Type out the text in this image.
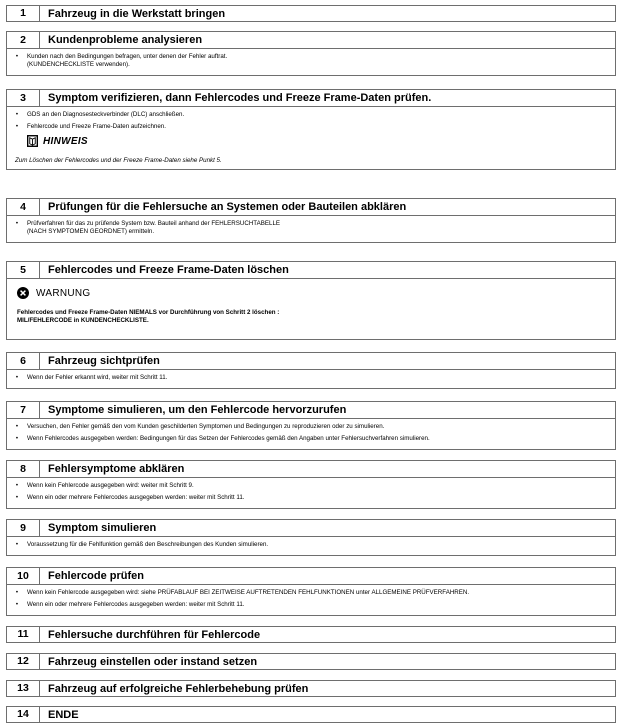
1	Fahrzeug in die Werkstatt bringen
2	Kundenprobleme analysieren
•	Kunden nach den Bedingungen befragen, unter denen der Fehler auftrat.
(KUNDENCHECKLISTE verwenden).
3	Symptom verifizieren, dann Fehlercodes und Freeze Frame-Daten prüfen.
•	GDS an den Diagnosesteckverbinder (DLC) anschließen.
•	Fehlercode und Freeze Frame-Daten aufzeichnen.
HINWEIS
Zum Löschen der Fehlercodes und der Freeze Frame-Daten siehe Punkt 5.
4	Prüfungen für die Fehlersuche an Systemen oder Bauteilen abklären
•	Prüfverfahren für das zu prüfende System bzw. Bauteil anhand der FEHLERSUCHTABELLE
(NACH SYMPTOMEN GEORDNET) ermitteln.
5	Fehlercodes und Freeze Frame-Daten löschen
WARNUNG
Fehlercodes und Freeze Frame-Daten NIEMALS vor Durchführung von Schritt 2 löschen :
MIL/FEHLERCODE in KUNDENCHECKLISTE.
6	Fahrzeug sichtprüfen
•	Wenn der Fehler erkannt wird, weiter mit Schritt 11.
7	Symptome simulieren, um den Fehlercode hervorzurufen
•	Versuchen, den Fehler gemäß den vom Kunden geschilderten Symptomen und Bedingungen zu reproduzieren oder zu simulieren.
•	Wenn Fehlercodes ausgegeben werden: Bedingungen für das Setzen der Fehlercodes gemäß den Angaben unter Fehlersuchverfahren simulieren.
8	Fehlersymptome abklären
•	Wenn kein Fehlercode ausgegeben wird: weiter mit Schritt 9.
•	Wenn ein oder mehrere Fehlercodes ausgegeben werden: weiter mit Schritt 11.
9	Symptom simulieren
•	Voraussetzung für die Fehlfunktion gemäß den Beschreibungen des Kunden simulieren.
10	Fehlercode prüfen
•	Wenn kein Fehlercode ausgegeben wird: siehe PRÜFABLAUF BEI ZEITWEISE AUFTRETENDEN FEHLFUNKTIONEN unter ALLGEMEINE PRÜFVERFAHREN.
•	Wenn ein oder mehrere Fehlercodes ausgegeben werden: weiter mit Schritt 11.
11	Fehlersuche durchführen für Fehlercode
12	Fahrzeug einstellen oder instand setzen
13	Fahrzeug auf erfolgreiche Fehlerbehebung prüfen
14	ENDE
